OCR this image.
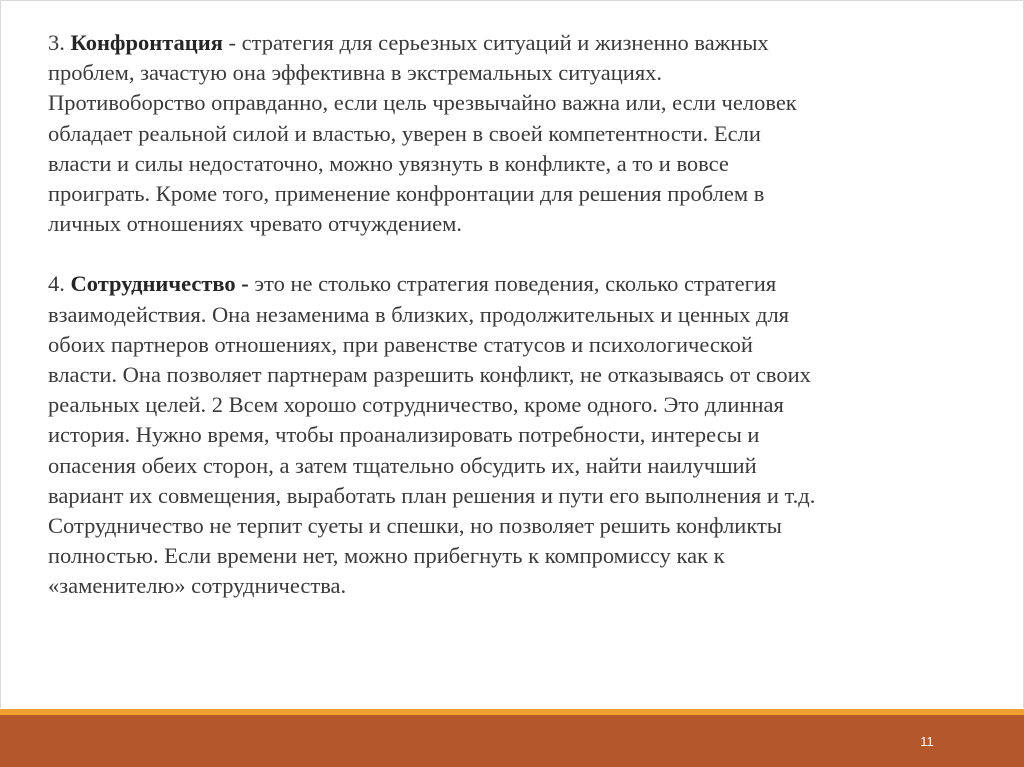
3. Конфронтация - стратегия для серьезных ситуаций и жизненно важных
проблем, зачастую она эффективна в экстремальных ситуациях.
Противоборство оправданно, если цель чрезвычайно важна или, если человек
обладает реальной силой и властью, уверен в своей компетентности. Если
власти и силы недостаточно, можно увязнуть в конфликте, а то и вовсе
проиграть. Кроме того, применение конфронтации для решения проблем в
личных отношениях чревато отчуждением.

4. Сотрудничество - это не столько стратегия поведения, сколько стратегия
взаимодействия. Она незаменима в близких, продолжительных и ценных для
обоих партнеров отношениях, при равенстве статусов и психологической
власти. Она позволяет партнерам разрешить конфликт, не отказываясь от своих
реальных целей. 2 Всем хорошо сотрудничество, кроме одного. Это длинная
история. Нужно время, чтобы проанализировать потребности, интересы и
опасения обеих сторон, а затем тщательно обсудить их, найти наилучший
вариант их совмещения, выработать план решения и пути его выполнения и т.д.
Сотрудничество не терпит суеты и спешки, но позволяет решить конфликты
полностью. Если времени нет, можно прибегнуть к компромиссу как к
«заменителю» сотрудничества.

11
